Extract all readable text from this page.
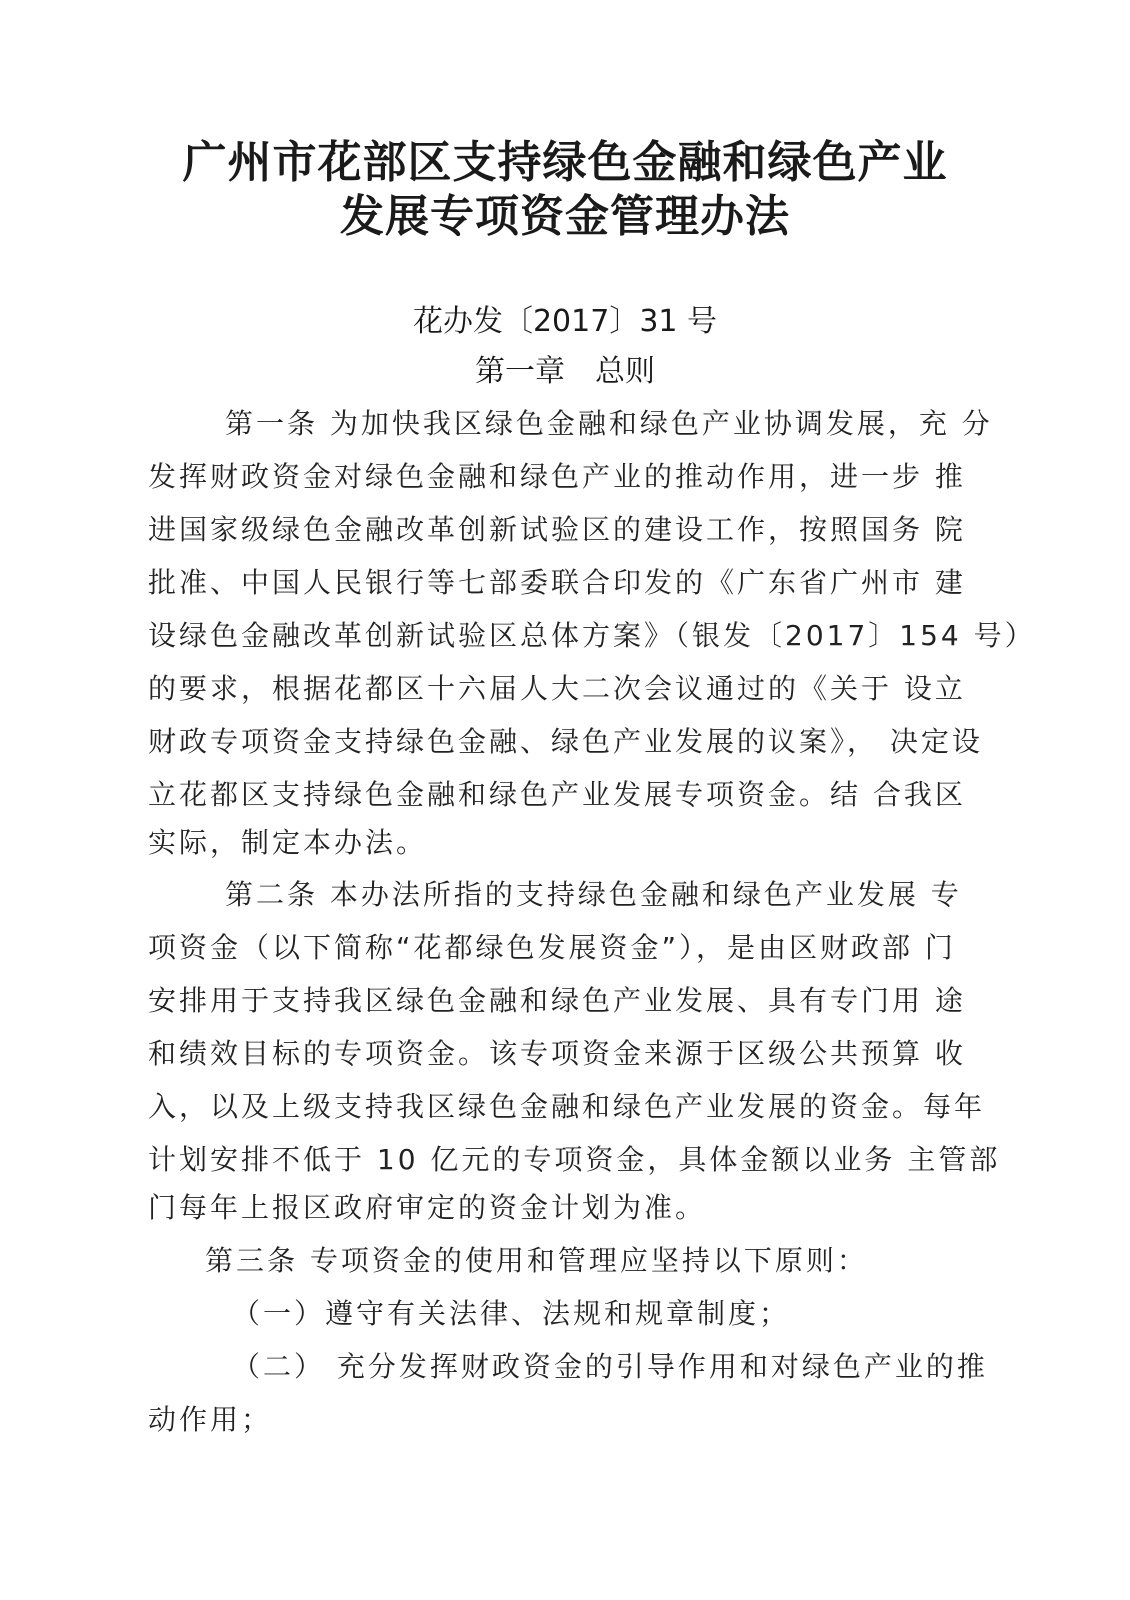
广州市花部区支持绿色金融和绿色产业
发展专项资金管理办法
花办发〔2017〕31 号
第一章　总则
第一条 为加快我区绿色金融和绿色产业协调发展，充 分
发挥财政资金对绿色金融和绿色产业的推动作用，进一步 推
进国家级绿色金融改革创新试验区的建设工作，按照国务 院
批准、中国人民银行等七部委联合印发的《广东省广州市 建
设绿色金融改革创新试验区总体方案》（银发〔2017〕154 号）
的要求，根据花都区十六届人大二次会议通过的《关于 设立
财政专项资金支持绿色金融、绿色产业发展的议案》， 决定设
立花都区支持绿色金融和绿色产业发展专项资金。结 合我区
实际，制定本办法。
第二条 本办法所指的支持绿色金融和绿色产业发展 专
项资金（以下简称“花都绿色发展资金”），是由区财政部 门
安排用于支持我区绿色金融和绿色产业发展、具有专门用 途
和绩效目标的专项资金。该专项资金来源于区级公共预算 收
入，以及上级支持我区绿色金融和绿色产业发展的资金。每年
计划安排不低于 10 亿元的专项资金，具体金额以业务 主管部
门每年上报区政府审定的资金计划为准。
第三条 专项资金的使用和管理应坚持以下原则：
（一）遵守有关法律、法规和规章制度；
（二） 充分发挥财政资金的引导作用和对绿色产业的推
动作用；
